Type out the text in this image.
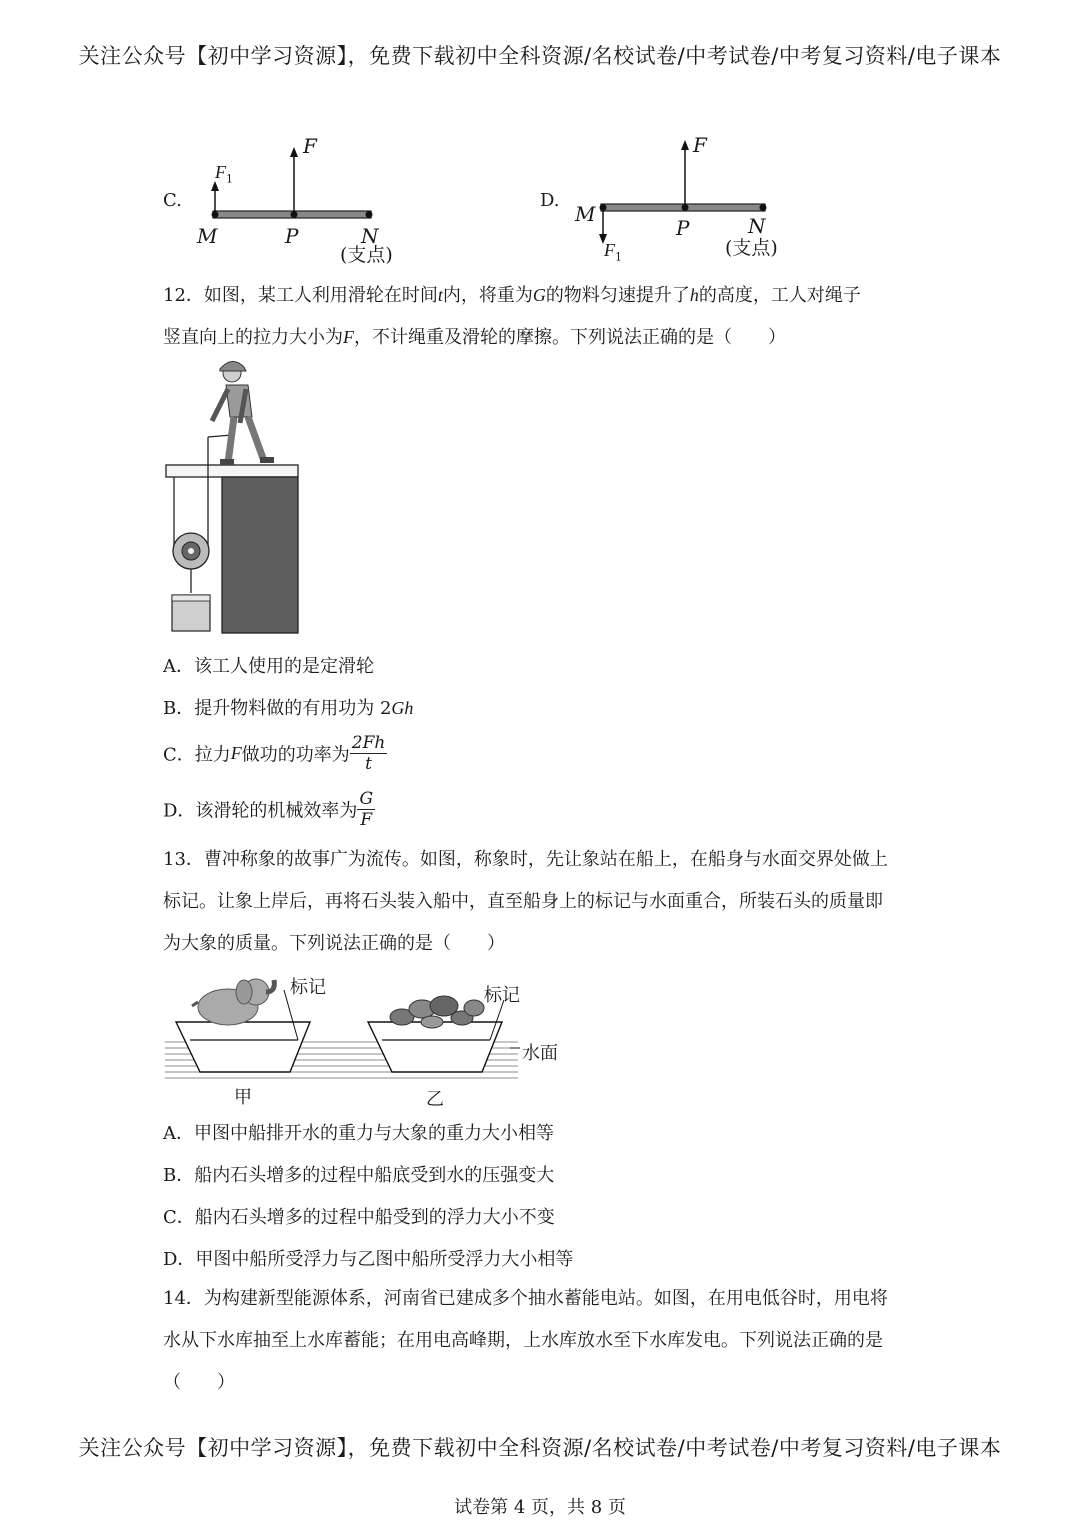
关注公众号【初中学习资源】，免费下载初中全科资源/名校试卷/中考试卷/中考复习资料/电子课本
C.
$F_1$
F
M	P	N
(支点)
D.
F
M
P	N
(支点)
$F_1$
12．如图，某工人利用滑轮在时间t内，将重为G的物料匀速提升了h的高度，工人对绳子
竖直向上的拉力大小为F，不计绳重及滑轮的摩擦。下列说法正确的是（　　）
A．该工人使用的是定滑轮
B．提升物料做的有用功为 2Gh
C．拉力F做功的功率为 $\frac{2Fh}{t}$
D．该滑轮的机械效率为 $\frac{G}{F}$
13．曹冲称象的故事广为流传。如图，称象时，先让象站在船上，在船身与水面交界处做上
标记。让象上岸后，再将石头装入船中，直至船身上的标记与水面重合，所装石头的质量即
为大象的质量。下列说法正确的是（　　）
标记	标记
水面
甲	乙
A．甲图中船排开水的重力与大象的重力大小相等
B．船内石头增多的过程中船底受到水的压强变大
C．船内石头增多的过程中船受到的浮力大小不变
D．甲图中船所受浮力与乙图中船所受浮力大小相等
14．为构建新型能源体系，河南省已建成多个抽水蓄能电站。如图，在用电低谷时，用电将
水从下水库抽至上水库蓄能；在用电高峰期，上水库放水至下水库发电。下列说法正确的是
（　　）
关注公众号【初中学习资源】，免费下载初中全科资源/名校试卷/中考试卷/中考复习资料/电子课本
试卷第 4 页，共 8 页
